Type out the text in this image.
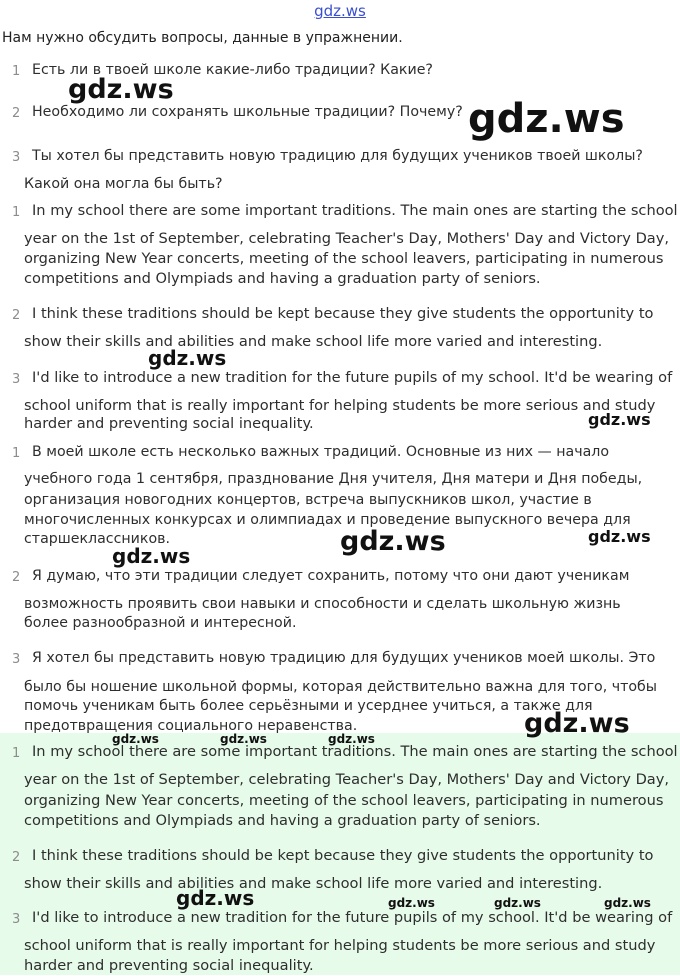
gdz.ws
Нам нужно обсудить вопросы, данные в упражнении.
1 Есть ли в твоей школе какие-либо традиции? Какие?
2 Необходимо ли сохранять школьные традиции? Почему?
3 Ты хотел бы представить новую традицию для будущих учеников твоей школы?
Какой она могла бы быть?
1 In my school there are some important traditions. The main ones are starting the school
year on the 1st of September, celebrating Teacher's Day, Mothers' Day and Victory Day,
organizing New Year concerts, meeting of the school leavers, participating in numerous
competitions and Olympiads and having a graduation party of seniors.
2 I think these traditions should be kept because they give students the opportunity to
show their skills and abilities and make school life more varied and interesting.
3 I'd like to introduce a new tradition for the future pupils of my school. It'd be wearing of
school uniform that is really important for helping students be more serious and study
harder and preventing social inequality.
1 В моей школе есть несколько важных традиций. Основные из них — начало
учебного года 1 сентября, празднование Дня учителя, Дня матери и Дня победы,
организация новогодних концертов, встреча выпускников школ, участие в
многочисленных конкурсах и олимпиадах и проведение выпускного вечера для
старшеклассников.
2 Я думаю, что эти традиции следует сохранить, потому что они дают ученикам
возможность проявить свои навыки и способности и сделать школьную жизнь
более разнообразной и интересной.
3 Я хотел бы представить новую традицию для будущих учеников моей школы. Это
было бы ношение школьной формы, которая действительно важна для того, чтобы
помочь ученикам быть более серьёзными и усерднее учиться, а также для
предотвращения социального неравенства.
1 In my school there are some important traditions. The main ones are starting the school
year on the 1st of September, celebrating Teacher's Day, Mothers' Day and Victory Day,
organizing New Year concerts, meeting of the school leavers, participating in numerous
competitions and Olympiads and having a graduation party of seniors.
2 I think these traditions should be kept because they give students the opportunity to
show their skills and abilities and make school life more varied and interesting.
3 I'd like to introduce a new tradition for the future pupils of my school. It'd be wearing of
school uniform that is really important for helping students be more serious and study
harder and preventing social inequality.
gdz.ws
gdz.ws
gdz.ws
gdz.ws
gdz.ws	gdz.ws
gdz.ws
gdz.ws
gdz.ws	gdz.ws	gdz.ws
gdz.ws	gdz.ws	gdz.ws	gdz.ws
